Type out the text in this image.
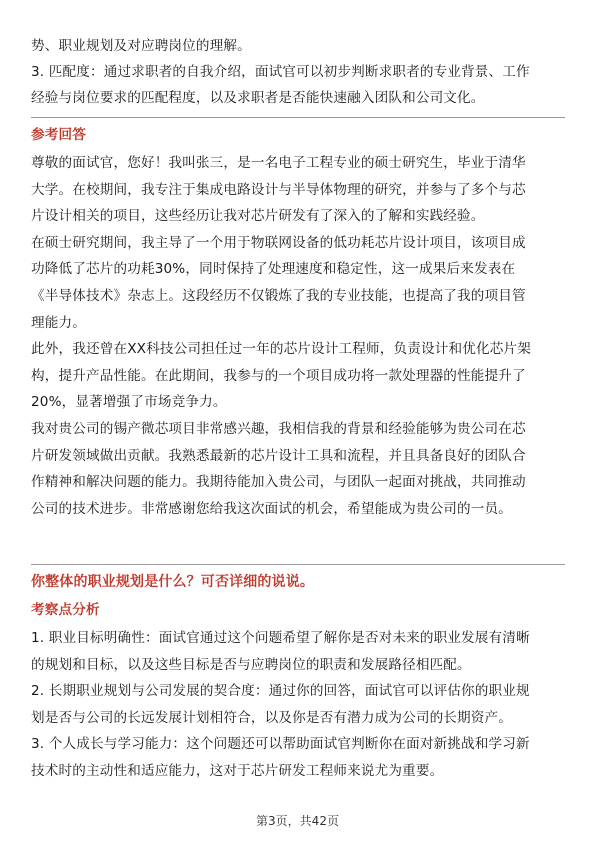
势、职业规划及对应聘岗位的理解。
3. 匹配度：通过求职者的自我介绍，面试官可以初步判断求职者的专业背景、工作
经验与岗位要求的匹配程度，以及求职者是否能快速融入团队和公司文化。
参考回答
尊敬的面试官，您好！我叫张三，是一名电子工程专业的硕士研究生，毕业于清华
大学。在校期间，我专注于集成电路设计与半导体物理的研究，并参与了多个与芯
片设计相关的项目，这些经历让我对芯片研发有了深入的了解和实践经验。
在硕士研究期间，我主导了一个用于物联网设备的低功耗芯片设计项目，该项目成
功降低了芯片的功耗30%，同时保持了处理速度和稳定性，这一成果后来发表在
《半导体技术》杂志上。这段经历不仅锻炼了我的专业技能，也提高了我的项目管
理能力。
此外，我还曾在XX科技公司担任过一年的芯片设计工程师，负责设计和优化芯片架
构，提升产品性能。在此期间，我参与的一个项目成功将一款处理器的性能提升了
20%，显著增强了市场竞争力。
我对贵公司的锡产微芯项目非常感兴趣，我相信我的背景和经验能够为贵公司在芯
片研发领域做出贡献。我熟悉最新的芯片设计工具和流程，并且具备良好的团队合
作精神和解决问题的能力。我期待能加入贵公司，与团队一起面对挑战，共同推动
公司的技术进步。非常感谢您给我这次面试的机会，希望能成为贵公司的一员。
你整体的职业规划是什么？可否详细的说说。
考察点分析
1. 职业目标明确性：面试官通过这个问题希望了解你是否对未来的职业发展有清晰
的规划和目标，以及这些目标是否与应聘岗位的职责和发展路径相匹配。
2. 长期职业规划与公司发展的契合度：通过你的回答，面试官可以评估你的职业规
划是否与公司的长远发展计划相符合，以及你是否有潜力成为公司的长期资产。
3. 个人成长与学习能力：这个问题还可以帮助面试官判断你在面对新挑战和学习新
技术时的主动性和适应能力，这对于芯片研发工程师来说尤为重要。
第3页，共42页
